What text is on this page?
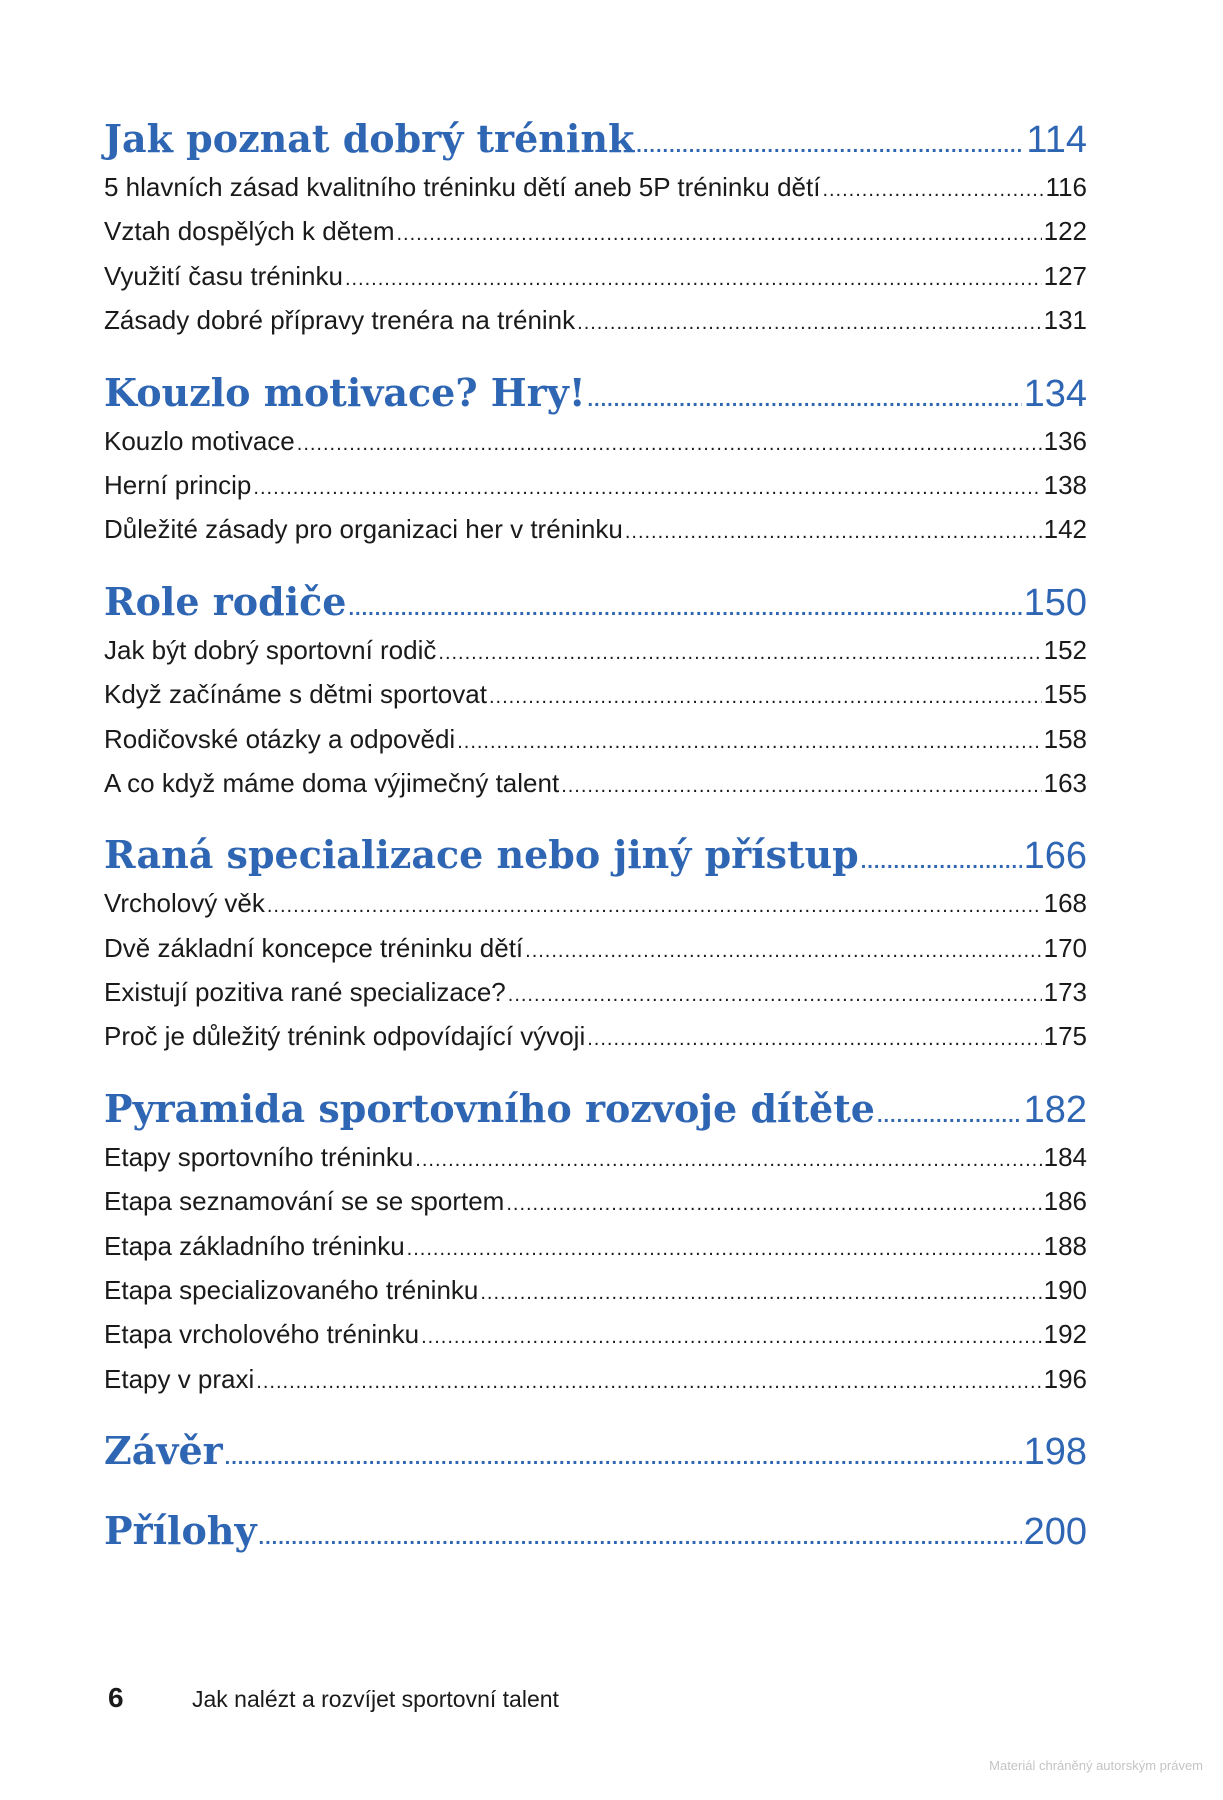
Jak poznat dobrý trénink .....	114
5 hlavních zásad kvalitního tréninku dětí aneb 5P tréninku dětí .....	116
Vztah dospělých k dětem .....	122
Využití času tréninku .....	127
Zásady dobré přípravy trenéra na trénink .....	131
Kouzlo motivace? Hry! .....	134
Kouzlo motivace .....	136
Herní princip .....	138
Důležité zásady pro organizaci her v tréninku .....	142
Role rodiče .....	150
Jak být dobrý sportovní rodič .....	152
Když začínáme s dětmi sportovat .....	155
Rodičovské otázky a odpovědi .....	158
A co když máme doma výjimečný talent .....	163
Raná specializace nebo jiný přístup .....	166
Vrcholový věk .....	168
Dvě základní koncepce tréninku dětí .....	170
Existují pozitiva rané specializace? .....	173
Proč je důležitý trénink odpovídající vývoji .....	175
Pyramida sportovního rozvoje dítěte .....	182
Etapy sportovního tréninku .....	184
Etapa seznamování se se sportem .....	186
Etapa základního tréninku .....	188
Etapa specializovaného tréninku .....	190
Etapa vrcholového tréninku .....	192
Etapy v praxi .....	196
Závěr .....	198
Přílohy .....	200
6	Jak nalézt a rozvíjet sportovní talent
Materiál chráněný autorským právem
